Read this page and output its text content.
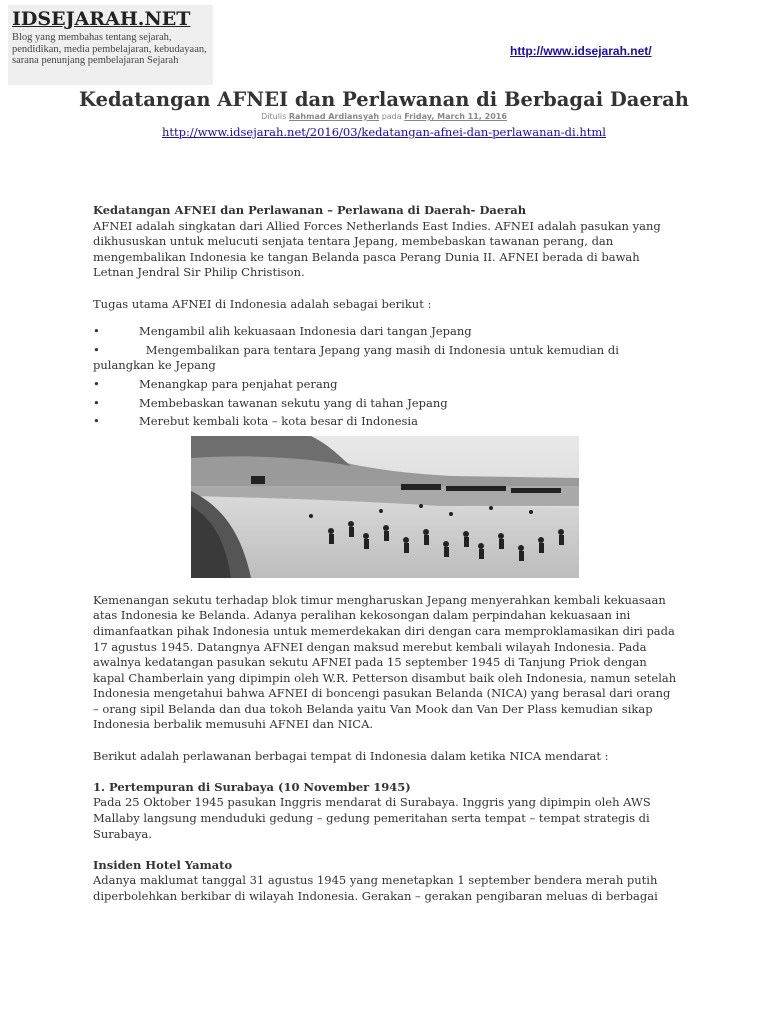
IDSEJARAH.NET
Blog yang membahas tentang sejarah, pendidikan, media pembelajaran, kebudayaan, sarana penunjang pembelajaran Sejarah
http://www.idsejarah.net/
Kedatangan AFNEI dan Perlawanan di Berbagai Daerah
Ditulis Rahmad Ardiansyah pada Friday, March 11, 2016
http://www.idsejarah.net/2016/03/kedatangan-afnei-dan-perlawanan-di.html

Kedatangan AFNEI dan Perlawanan – Perlawana di Daerah- Daerah

AFNEI adalah singkatan dari Allied Forces Netherlands East Indies. AFNEI adalah pasukan yang dikhususkan untuk melucuti senjata tentara Jepang, membebaskan tawanan perang, dan mengembalikan Indonesia ke tangan Belanda pasca Perang Dunia II. AFNEI berada di bawah Letnan Jendral Sir Philip Christison.

Tugas utama AFNEI di Indonesia adalah sebagai berikut :

•	Mengambil alih kekuasaan Indonesia dari tangan Jepang

•	Mengembalikan para tentara Jepang yang masih di Indonesia untuk kemudian di pulangkan ke Jepang

•	Menangkap para penjahat perang

•	Membebaskan tawanan sekutu yang di tahan Jepang

•	Merebut kembali kota – kota besar di Indonesia

Kemenangan sekutu terhadap blok timur mengharuskan Jepang menyerahkan kembali kekuasaan atas Indonesia ke Belanda. Adanya peralihan kekosongan dalam perpindahan kekuasaan ini dimanfaatkan pihak Indonesia untuk memerdekakan diri dengan cara memproklamasikan diri pada 17 agustus 1945. Datangnya AFNEI dengan maksud merebut kembali wilayah Indonesia. Pada awalnya kedatangan pasukan sekutu AFNEI pada 15 september 1945 di Tanjung Priok dengan kapal Chamberlain yang dipimpin oleh W.R. Petterson disambut baik oleh Indonesia, namun setelah Indonesia mengetahui bahwa AFNEI di boncengi pasukan Belanda (NICA) yang berasal dari orang – orang sipil Belanda dan dua tokoh Belanda yaitu Van Mook dan Van Der Plass kemudian sikap Indonesia berbalik memusuhi AFNEI dan NICA.

Berikut adalah perlawanan berbagai tempat di Indonesia dalam ketika NICA mendarat :

1. Pertempuran di Surabaya (10 November 1945)

Pada 25 Oktober 1945 pasukan Inggris mendarat di Surabaya. Inggris yang dipimpin oleh AWS Mallaby langsung menduduki gedung – gedung pemeritahan serta tempat – tempat strategis di Surabaya.

Insiden Hotel Yamato

Adanya maklumat tanggal 31 agustus 1945 yang menetapkan 1 september bendera merah putih diperbolehkan berkibar di wilayah Indonesia. Gerakan – gerakan pengibaran meluas di berbagai
